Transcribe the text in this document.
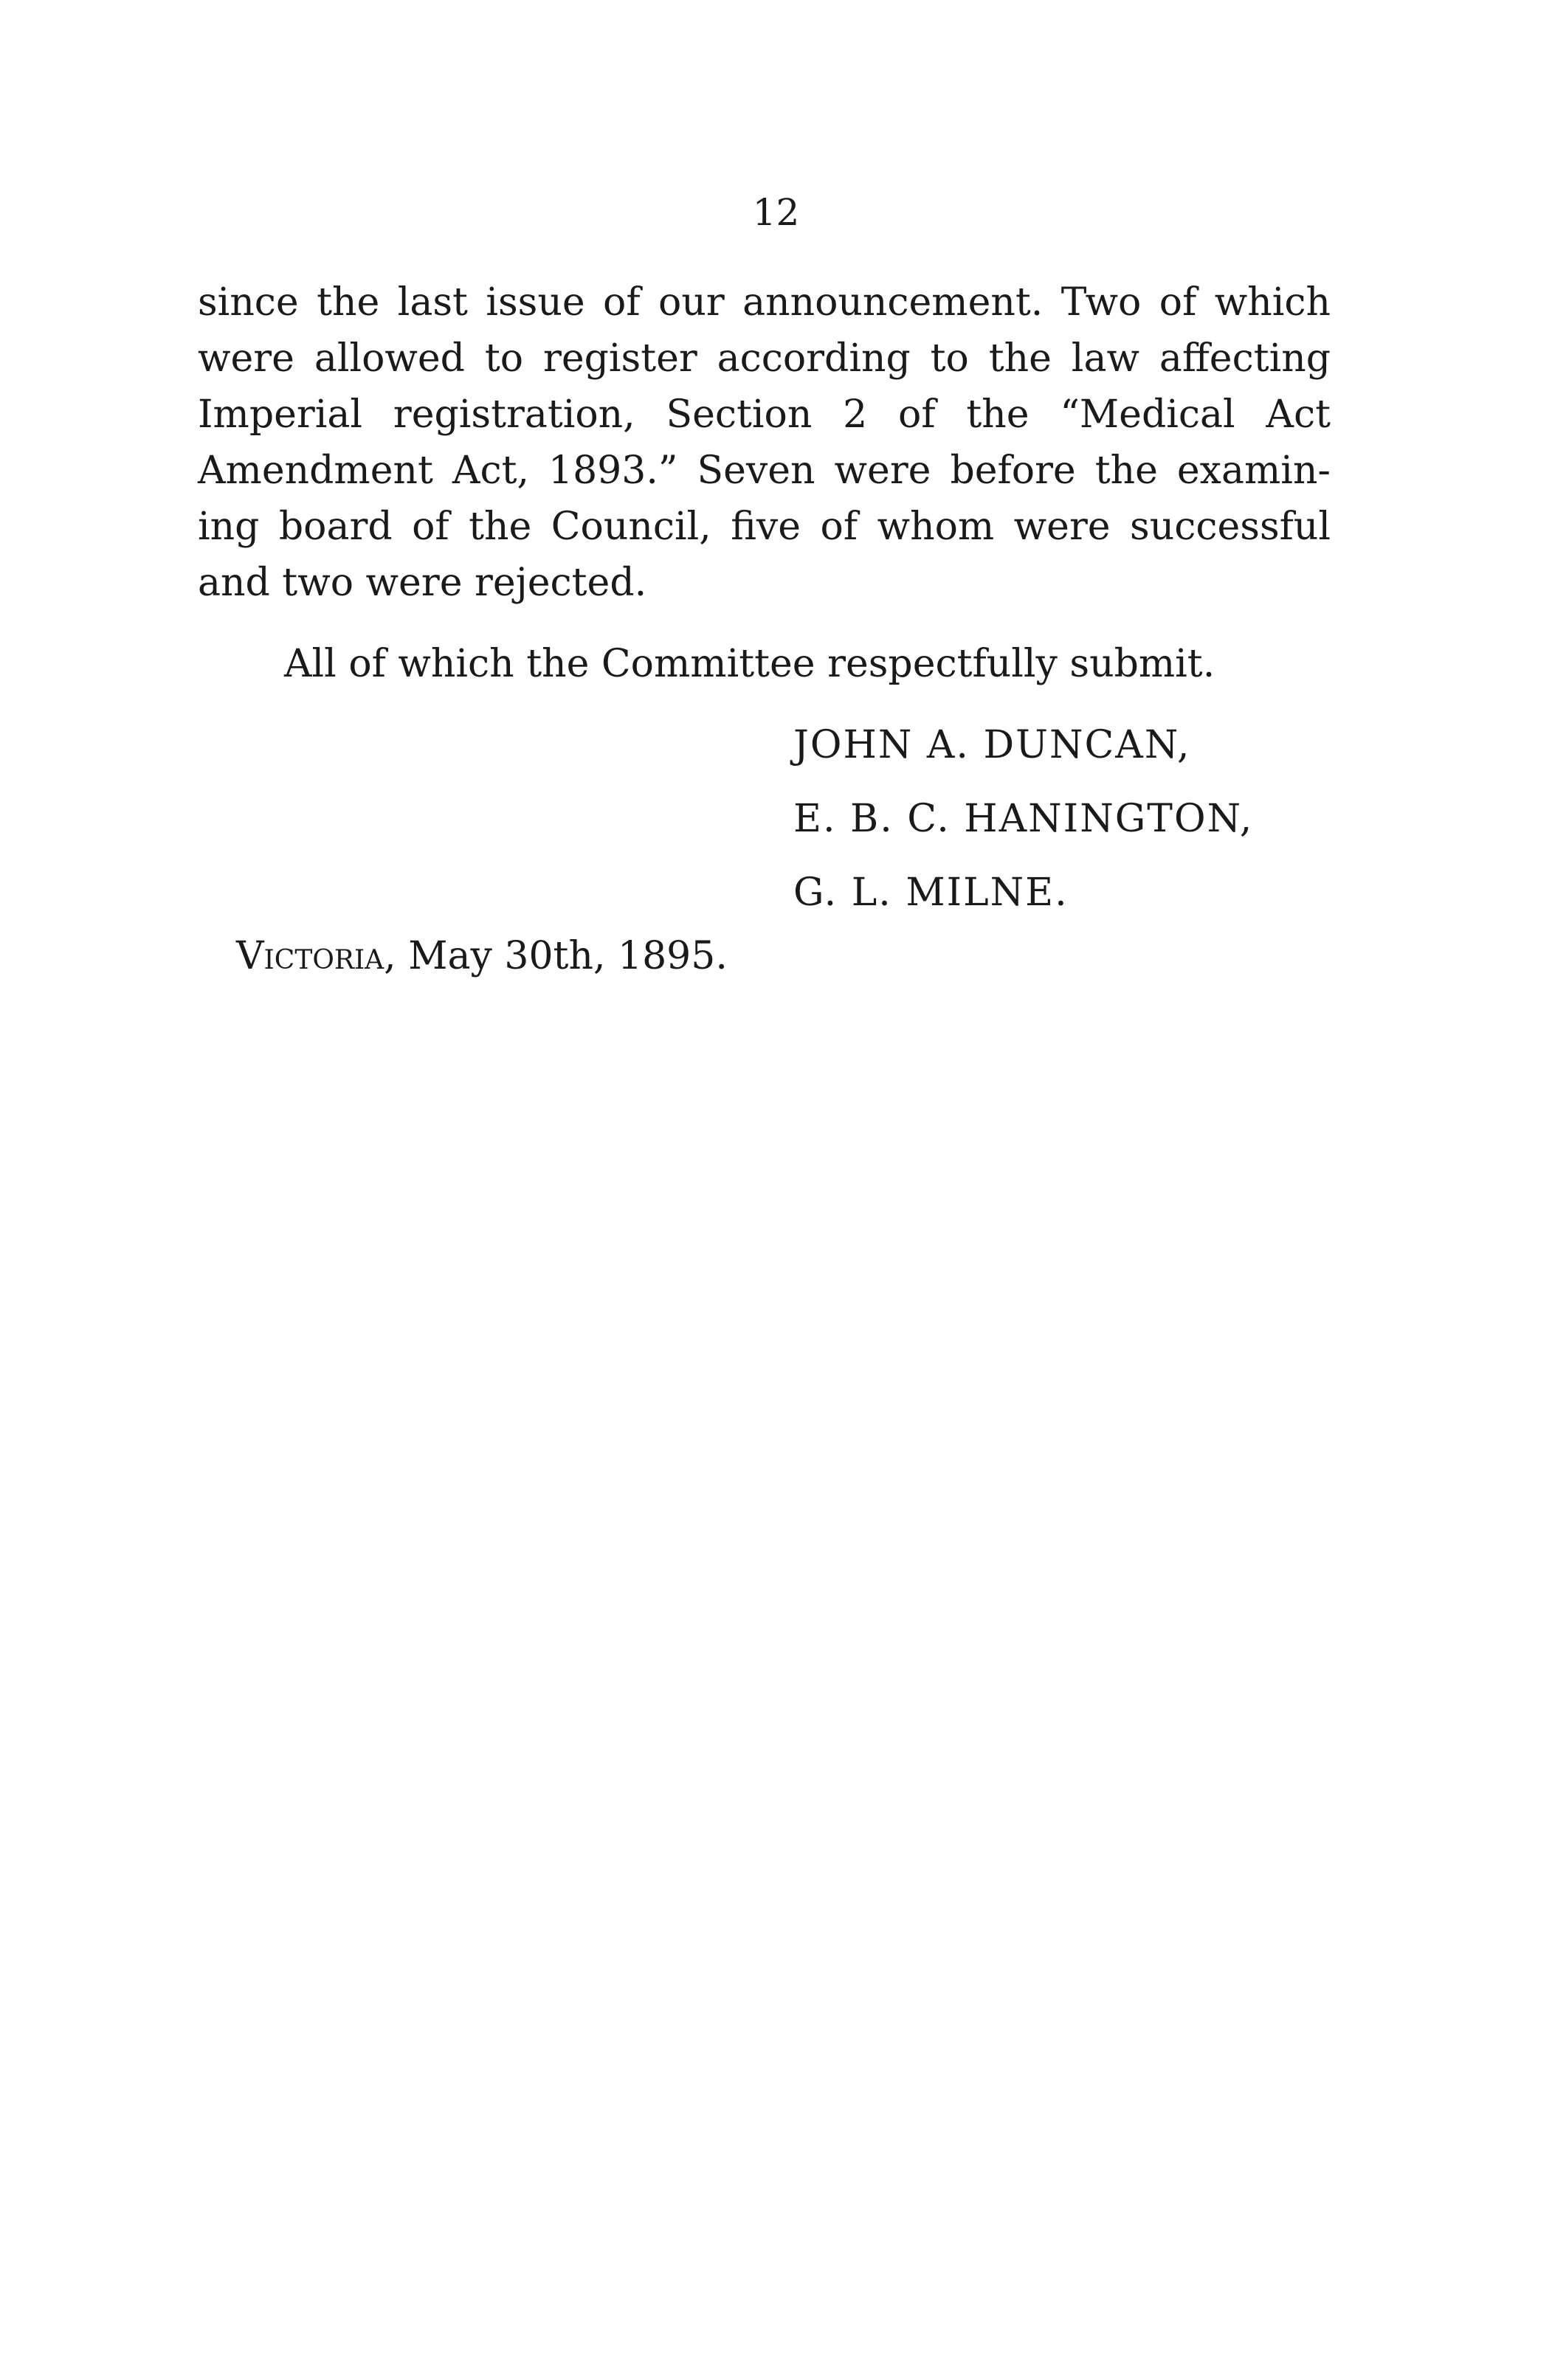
12

since the last issue of our announcement. Two of which
were allowed to register according to the law affecting
Imperial registration, Section 2 of the “Medical Act
Amendment Act, 1893.” Seven were before the examin-
ing board of the Council, five of whom were successful
and two were rejected.

All of which the Committee respectfully submit.

JOHN A. DUNCAN,
E. B. C. HANINGTON,
G. L. MILNE.

Victoria, May 30th, 1895.
